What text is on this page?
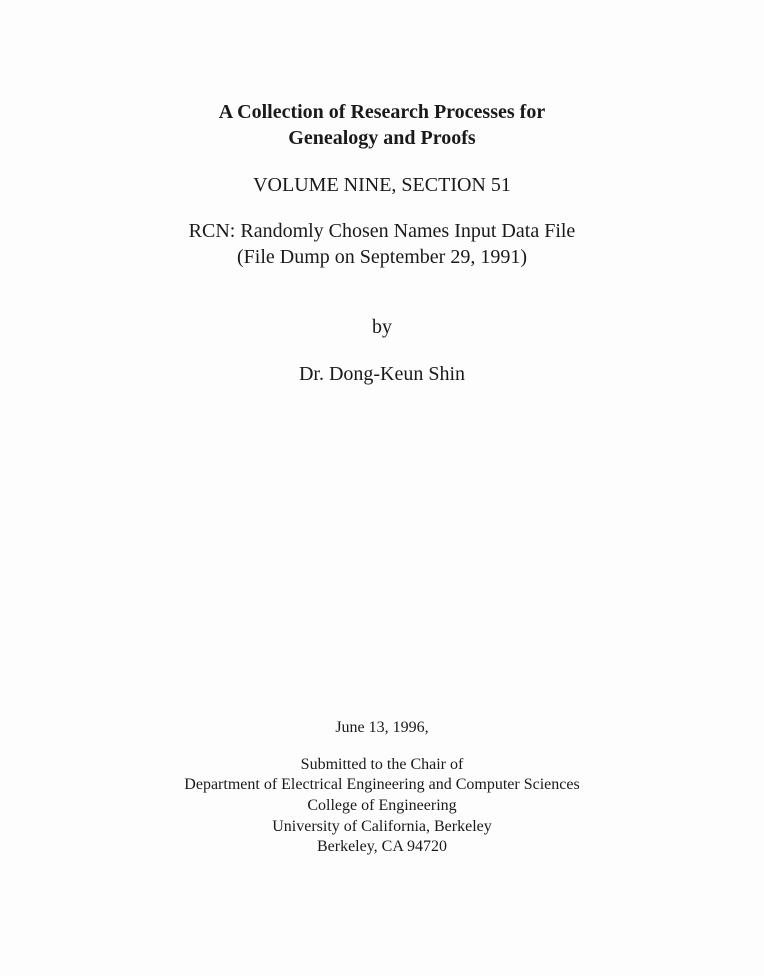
A Collection of Research Processes for
Genealogy and Proofs
VOLUME NINE, SECTION 51
RCN: Randomly Chosen Names Input Data File
(File Dump on September 29, 1991)
by
Dr. Dong-Keun Shin
June 13, 1996,
Submitted to the Chair of
Department of Electrical Engineering and Computer Sciences
College of Engineering
University of California, Berkeley
Berkeley, CA 94720
